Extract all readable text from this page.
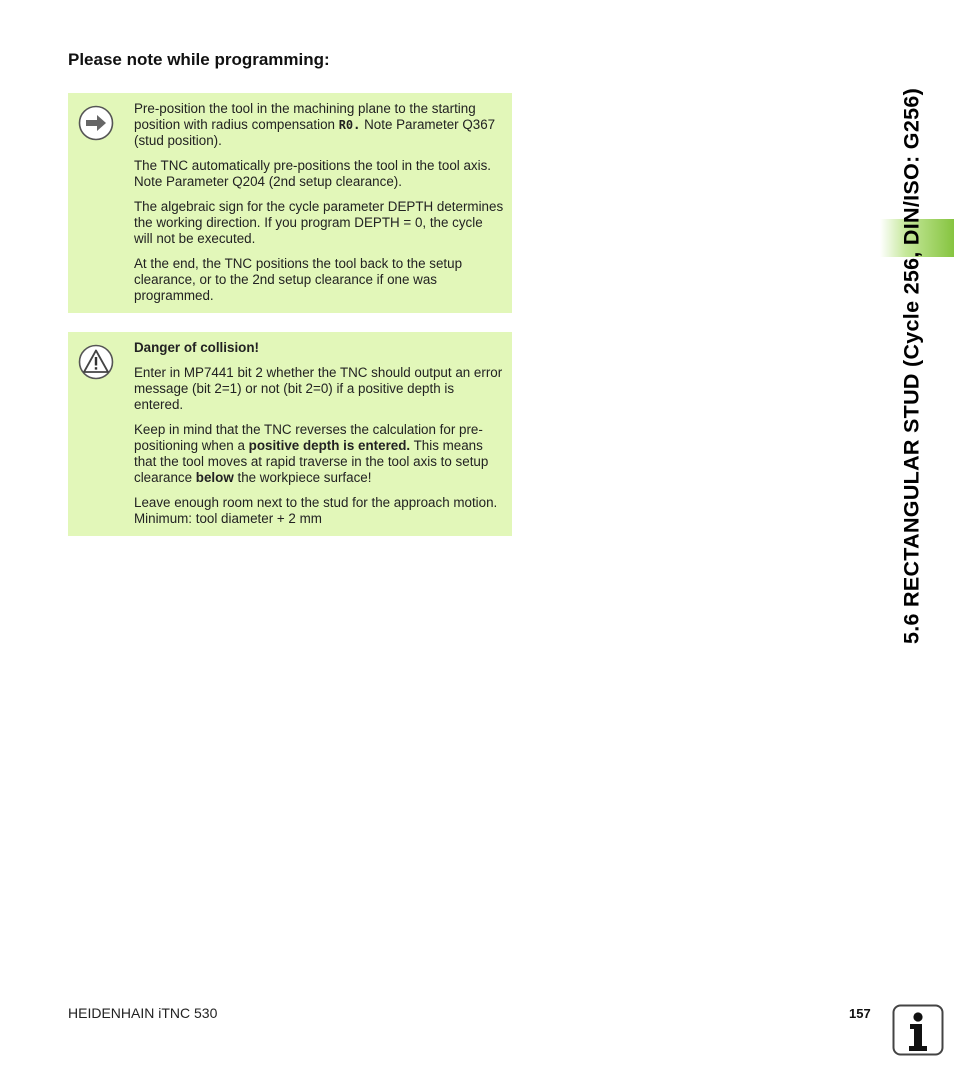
Please note while programming:

Pre-position the tool in the machining plane to the starting position with radius compensation R0. Note Parameter Q367 (stud position).

The TNC automatically pre-positions the tool in the tool axis. Note Parameter Q204 (2nd setup clearance).

The algebraic sign for the cycle parameter DEPTH determines the working direction. If you program DEPTH = 0, the cycle will not be executed.

At the end, the TNC positions the tool back to the setup clearance, or to the 2nd setup clearance if one was programmed.

Danger of collision!

Enter in MP7441 bit 2 whether the TNC should output an error message (bit 2=1) or not (bit 2=0) if a positive depth is entered.

Keep in mind that the TNC reverses the calculation for pre-positioning when a positive depth is entered. This means that the tool moves at rapid traverse in the tool axis to setup clearance below the workpiece surface!

Leave enough room next to the stud for the approach motion. Minimum: tool diameter + 2 mm	5.6 RECTANGULAR STUD (Cycle 256, DIN/ISO: G256)
HEIDENHAIN iTNC 530	157
